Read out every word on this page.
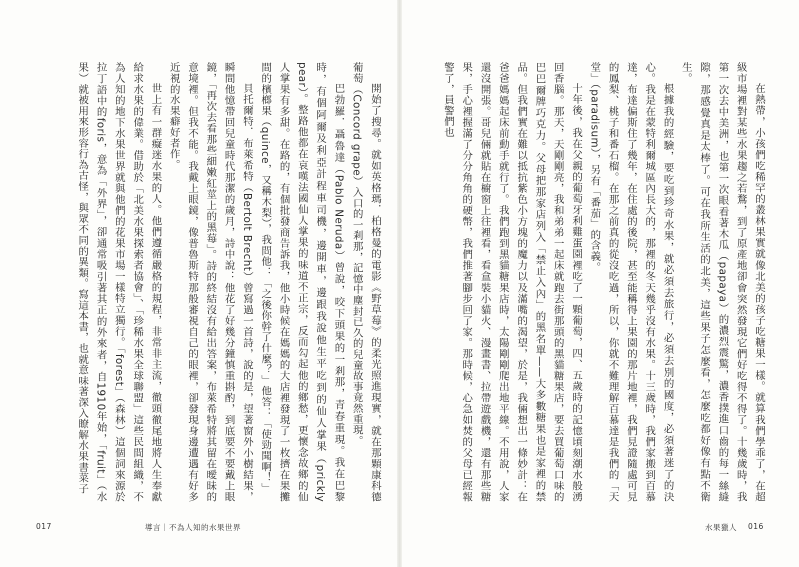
開始了搜尋。就如英格瑪．柏格曼的電影《野草莓》的柔光照進現實，就在那顆康科德葡萄（Concord grape）入口的一剎那，記憶中塵封已久的兒童故事竟然重現。

巴勃羅．聶魯達（Pablo Neruda）曾說，咬下頭果的一剎那，青春重現。我在巴黎時，有個阿爾及利亞計程車司機，邊開車，邊跟我說他生平吃到的仙人掌果（prickly pear）。整路他都在哀嘆法國仙人掌果的味道不正宗，反而勾起他的鄉愁，更懷念故鄉的仙人掌果有多甜。在路的，有個批發商告訴我，他小時候在媽媽的大店裡發現了一枚擠在果攤間的檳榔果（quince，又稱木梨），我問他：「之後你幹了什麼？」他答：「使勁聞啊！」

貝托爾特．布萊希特（Bertolt Brecht）曾寫過一首詩，說的是，望著窗外小樹結果，瞬間他憶帶回兒童時代那潔的歲月，詩中說：他花了好幾分鐘慎重斟酌，到底要不要戴上眼鏡，「再次去看那些細嫩紅莖上的黑莓」。詩的終結沒有給出答案，布萊希特將其留在曖昧的意境裡。但我不能。我戴上眼鏡，像普魯斯特那般審視自己的眼裡，卻發現身邊遭遇有好多近視的水果癖好者作。

世上有一群癡迷水果的人。他們遵循嚴格的規程，非常非主流，徹頭徹尾地將人生奉獻給求水果的偉業。借助於「北美水果探索者協會」、「珍稀水果全球聯盟」這些民間組織，不為人知的地下水果世界就與他們的花果市場一樣特立獨行。「forest」（森林）這個詞來源於拉丁語中的foris，意為「外界」，卻通常吸引著其正的外來者，自1910年始，「fruit」（水果）就被用來形容行為古怪，與眾不同的異類。寫這本書，也就意味著深入瞭解水果書菜子	在熱帶，小孩們吃稀罕的叢林果實就像北美的孩子吃糖果一樣。就算我們學乖了，在超級市場裡對某些水果趨之若鶩，到了原產地卻會突然發現它們好吃得不得了。十幾歲時，我第一次去中美洲，也第一次眼看著木瓜（papaya）的濃烈震驚，濃香撲進口齒的每一絲縫隙，那感覺真是太棒了。可在我所生活的北美，這些果子怎麼看，怎麼吃都好像有點不衛生。

根據我的經驗，要吃到珍奇水果，就必須去旅行，必須去別的國度，必須著迷了的決心。我是在蒙特利爾城區內長大的，那裡的冬天幾乎沒有水果。十三歲時，我們家搬到百慕達，布達偏斯住了幾年，在住處的後院，甚至能稱得上果園的那片地裡，我們見證隨處可見的鳳梨、桃子和番石榴。在那之前真的從沒吃過，所以，你就不難理解百慕達是我們的「天堂」（paradisum），另有「番茄」的含義。

十年後，我在父親的葡萄牙利雞蛋園裡吃了一顆葡萄，四、五歲時的記憶頃刻潮水般湧回香腦。那天，天剛剛亮，我和弟弟一起床就跑去街那頭的黑貓糖果店，要去買葡萄口味的巴巴爾牌巧克力。父母把那家店列入「禁止入內」的黑名單——大多數糖果也是家裡的禁品。但我們實在難以抵抗紫色小方塊的魔力以及滿嘴的渴望，於是，我倆想出一條妙計：在爸爸媽媽起床前動手就行了。我們跑到黑貓糖果店時，太陽剛剛爬出地平線。不用說，人家還沒開張。哥兒倆就貼在櫥窗上往裡看，看盒裝小貓火、漫畫書、拉帶遊戲機，還有那些糖果，手心裡握滿了分分角角的硬幣，我們推著腳步回了家。那時候，心急如焚的父母已經報警了，員警們也

017	導言｜不為人知的水果世界	水果獵人 016
